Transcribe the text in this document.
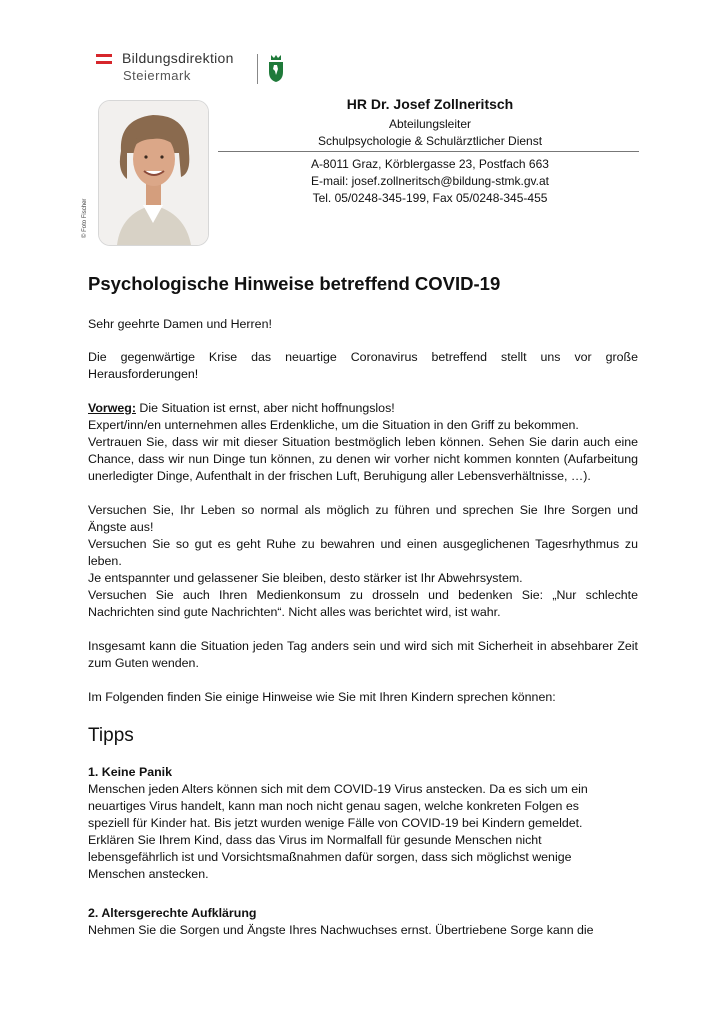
Bildungsdirektion
Steiermark
© Foto Fischer
HR Dr. Josef Zollneritsch
Abteilungsleiter
Schulpsychologie & Schulärztlicher Dienst
A-8011 Graz, Körblergasse 23, Postfach 663
E-mail: josef.zollneritsch@bildung-stmk.gv.at
Tel. 05/0248-345-199, Fax 05/0248-345-455
Psychologische Hinweise betreffend COVID-19
Sehr geehrte Damen und Herren!
Die gegenwärtige Krise das neuartige Coronavirus betreffend stellt uns vor große Herausforderungen!
Vorweg: Die Situation ist ernst, aber nicht hoffnungslos!
Expert/inn/en unternehmen alles Erdenkliche, um die Situation in den Griff zu bekommen.
Vertrauen Sie, dass wir mit dieser Situation bestmöglich leben können. Sehen Sie darin auch eine Chance, dass wir nun Dinge tun können, zu denen wir vorher nicht kommen konnten (Aufarbeitung unerledigter Dinge, Aufenthalt in der frischen Luft, Beruhigung aller Lebensverhältnisse, …).
Versuchen Sie, Ihr Leben so normal als möglich zu führen und sprechen Sie Ihre Sorgen und Ängste aus!
Versuchen Sie so gut es geht Ruhe zu bewahren und einen ausgeglichenen Tagesrhythmus zu leben.
Je entspannter und gelassener Sie bleiben, desto stärker ist Ihr Abwehrsystem.
Versuchen Sie auch Ihren Medienkonsum zu drosseln und bedenken Sie: „Nur schlechte Nachrichten sind gute Nachrichten“. Nicht alles was berichtet wird, ist wahr.
Insgesamt kann die Situation jeden Tag anders sein und wird sich mit Sicherheit in absehbarer Zeit zum Guten wenden.
Im Folgenden finden Sie einige Hinweise wie Sie mit Ihren Kindern sprechen können:
Tipps
1. Keine Panik
Menschen jeden Alters können sich mit dem COVID-19 Virus anstecken. Da es sich um ein
neuartiges Virus handelt, kann man noch nicht genau sagen, welche konkreten Folgen es
speziell für Kinder hat. Bis jetzt wurden wenige Fälle von COVID-19 bei Kindern gemeldet.
Erklären Sie Ihrem Kind, dass das Virus im Normalfall für gesunde Menschen nicht
lebensgefährlich ist und Vorsichtsmaßnahmen dafür sorgen, dass sich möglichst wenige
Menschen anstecken.
2. Altersgerechte Aufklärung
Nehmen Sie die Sorgen und Ängste Ihres Nachwuchses ernst. Übertriebene Sorge kann die
